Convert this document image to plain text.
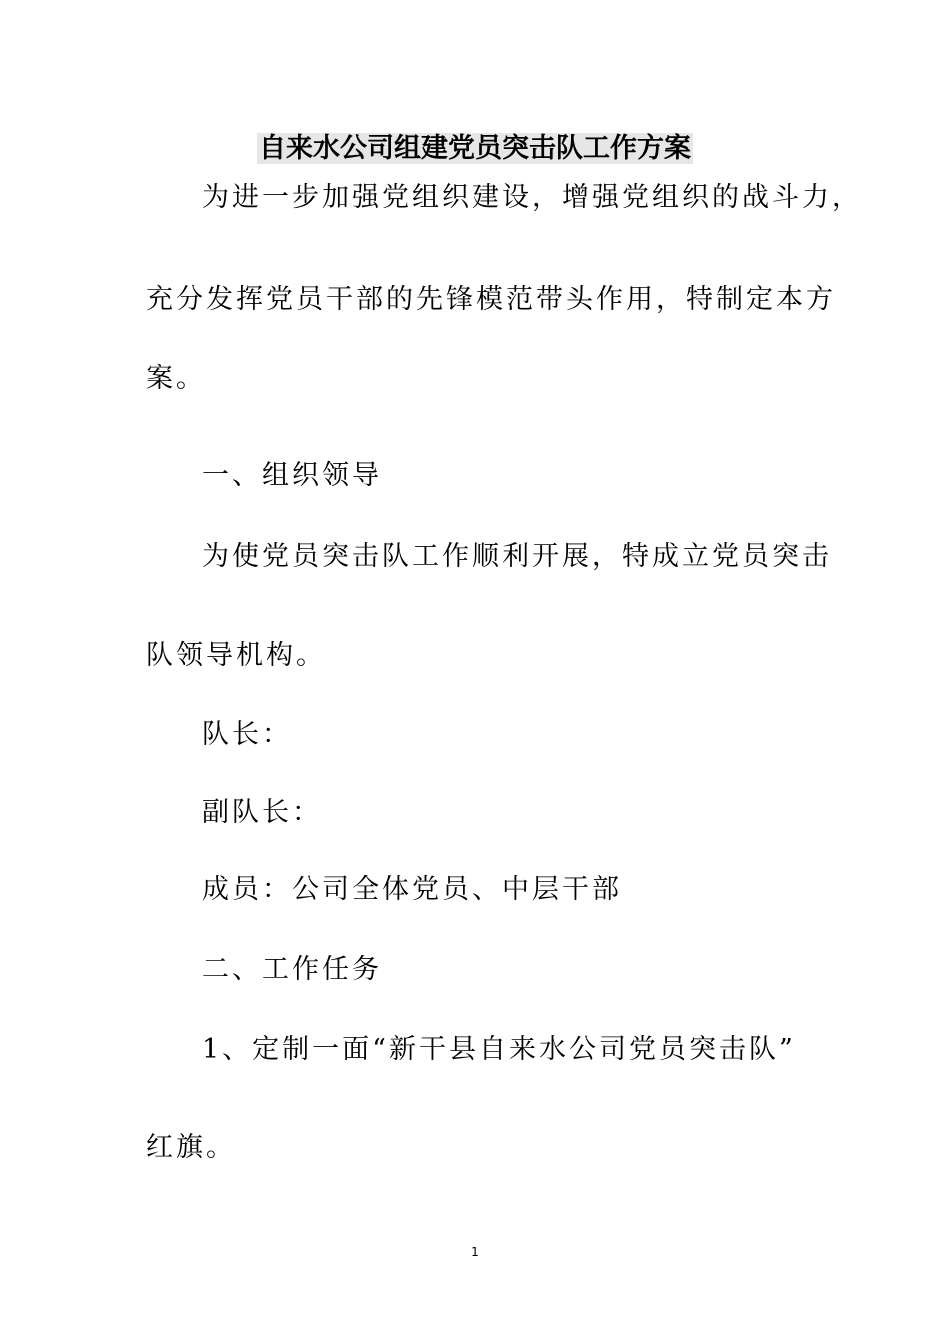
自来水公司组建党员突击队工作方案
为进一步加强党组织建设，增强党组织的战斗力，
充分发挥党员干部的先锋模范带头作用，特制定本方
案。
一、组织领导
为使党员突击队工作顺利开展，特成立党员突击
队领导机构。
队长：
副队长：
成员：公司全体党员、中层干部
二、工作任务
1、定制一面“新干县自来水公司党员突击队”
红旗。
1
